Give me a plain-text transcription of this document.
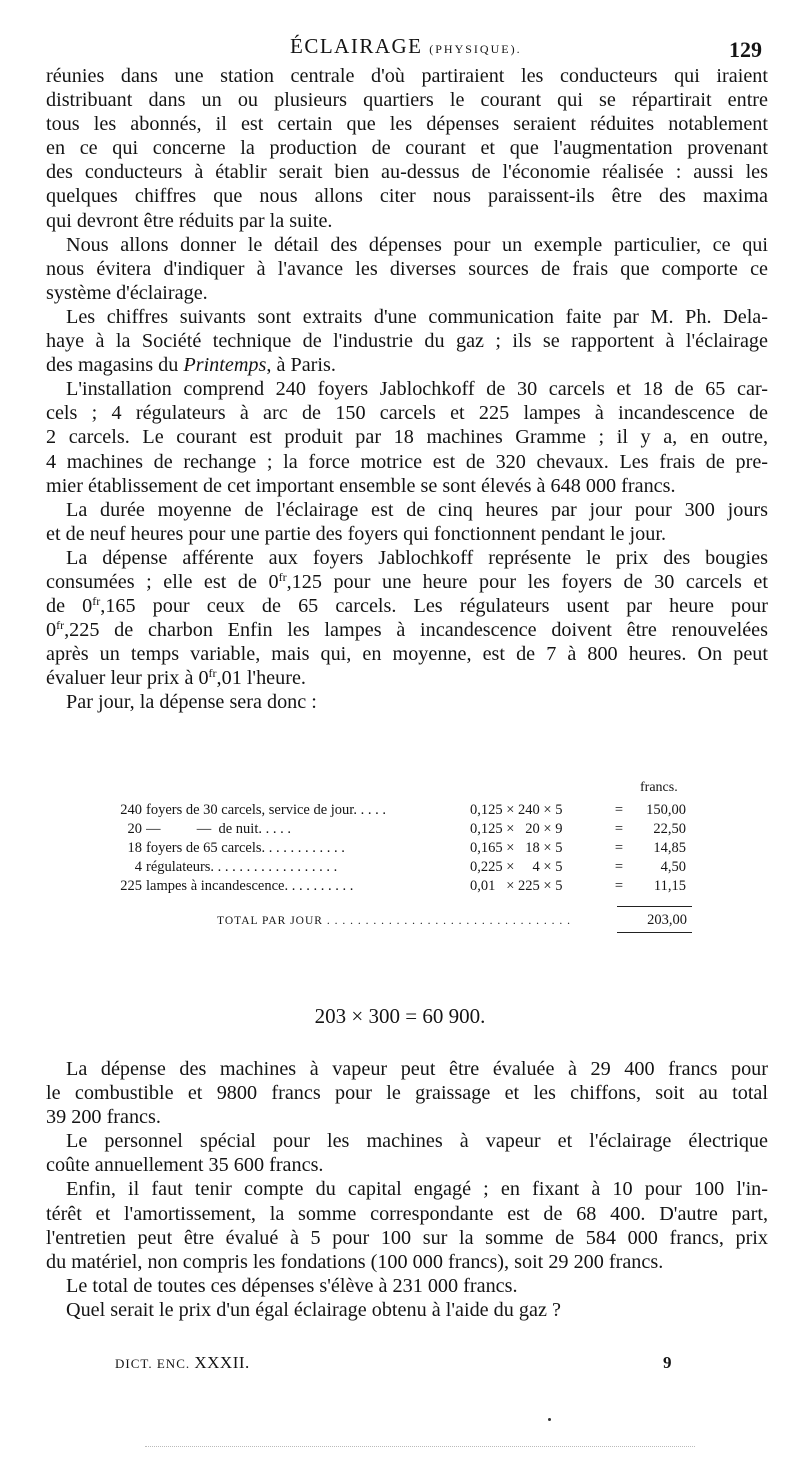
ÉCLAIRAGE (PHYSIQUE).	129
réunies dans une station centrale d'où partiraient les conducteurs qui iraient
distribuant dans un ou plusieurs quartiers le courant qui se répartirait entre
tous les abonnés, il est certain que les dépenses seraient réduites notablement
en ce qui concerne la production de courant et que l'augmentation provenant
des conducteurs à établir serait bien au-dessus de l'économie réalisée : aussi les
quelques chiffres que nous allons citer nous paraissent-ils être des maxima
qui devront être réduits par la suite.
Nous allons donner le détail des dépenses pour un exemple particulier, ce qui
nous évitera d'indiquer à l'avance les diverses sources de frais que comporte ce
système d'éclairage.
Les chiffres suivants sont extraits d'une communication faite par M. Ph. Dela-
haye à la Société technique de l'industrie du gaz ; ils se rapportent à l'éclairage
des magasins du Printemps, à Paris.
L'installation comprend 240 foyers Jablochkoff de 30 carcels et 18 de 65 car-
cels ; 4 régulateurs à arc de 150 carcels et 225 lampes à incandescence de
2 carcels. Le courant est produit par 18 machines Gramme ; il y a, en outre,
4 machines de rechange ; la force motrice est de 320 chevaux. Les frais de pre-
mier établissement de cet important ensemble se sont élevés à 648 000 francs.
La durée moyenne de l'éclairage est de cinq heures par jour pour 300 jours
et de neuf heures pour une partie des foyers qui fonctionnent pendant le jour.
La dépense afférente aux foyers Jablochkoff représente le prix des bougies
consumées ; elle est de $0^{fr},125$ pour une heure pour les foyers de 30 carcels et
de $0^{fr},165$ pour ceux de 65 carcels. Les régulateurs usent par heure pour
$0^{fr},225$ de charbon Enfin les lampes à incandescence doivent être renouvelées
après un temps variable, mais qui, en moyenne, est de 7 à 800 heures. On peut
évaluer leur prix à $0^{fr},01$ l'heure.
Par jour, la dépense sera donc :
francs.
240 foyers de 30 carcels, service de jour. . . . .	0,125 × 240 × 5	=	150,00
20 —          —  de nuit. . . . .	0,125 ×   20 × 9	=	22,50
18 foyers de 65 carcels. . . . . . . . . . . .	0,165 ×   18 × 5	=	14,85
4 régulateurs. . . . . . . . . . . . . . . . . .	0,225 ×     4 × 5	=	4,50
225 lampes à incandescence. . . . . . . . . .	0,01   × 225 × 5	=	11,15
TOTAL PAR JOUR . . . . . . . . . . . . . . . . . . . . . . . . . . . . . . . .	203,00
203 × 300 = 60 900.
La dépense des machines à vapeur peut être évaluée à 29 400 francs pour
le combustible et 9800 francs pour le graissage et les chiffons, soit au total
39 200 francs.
Le personnel spécial pour les machines à vapeur et l'éclairage électrique
coûte annuellement 35 600 francs.
Enfin, il faut tenir compte du capital engagé ; en fixant à 10 pour 100 l'in-
térêt et l'amortissement, la somme correspondante est de 68 400. D'autre part,
l'entretien peut être évalué à 5 pour 100 sur la somme de 584 000 francs, prix
du matériel, non compris les fondations (100 000 francs), soit 29 200 francs.
Le total de toutes ces dépenses s'élève à 231 000 francs.
Quel serait le prix d'un égal éclairage obtenu à l'aide du gaz ?
DICT. ENC. XXXII.	9
